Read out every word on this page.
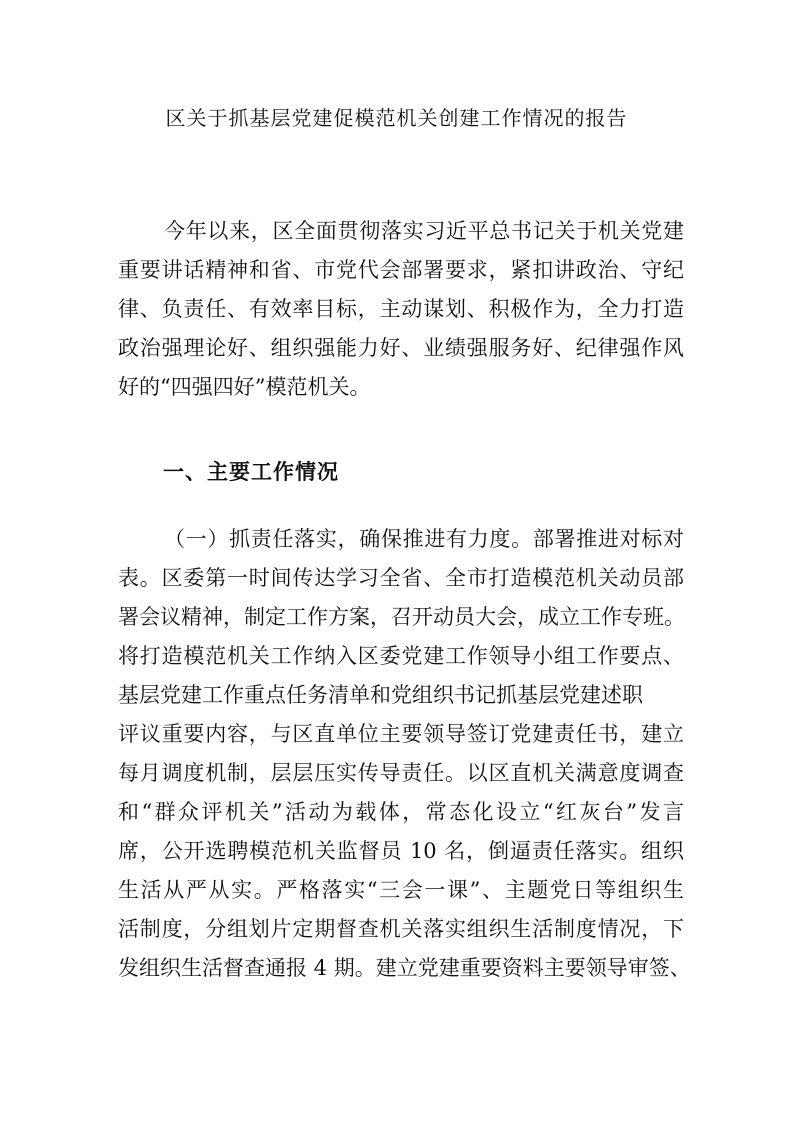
区关于抓基层党建促模范机关创建工作情况的报告
今年以来，区全面贯彻落实习近平总书记关于机关党建
重要讲话精神和省、市党代会部署要求，紧扣讲政治、守纪
律、负责任、有效率目标，主动谋划、积极作为，全力打造
政治强理论好、组织强能力好、业绩强服务好、纪律强作风
好的“四强四好”模范机关。
一、主要工作情况
（一）抓责任落实，确保推进有力度。部署推进对标对
表。区委第一时间传达学习全省、全市打造模范机关动员部
署会议精神，制定工作方案，召开动员大会，成立工作专班。
将打造模范机关工作纳入区委党建工作领导小组工作要点、
基层党建工作重点任务清单和党组织书记抓基层党建述职
评议重要内容，与区直单位主要领导签订党建责任书，建立
每月调度机制，层层压实传导责任。以区直机关满意度调查
和“群众评机关”活动为载体，常态化设立“红灰台”发言
席，公开选聘模范机关监督员 10 名，倒逼责任落实。组织
生活从严从实。严格落实“三会一课”、主题党日等组织生
活制度，分组划片定期督查机关落实组织生活制度情况，下
发组织生活督查通报 4 期。建立党建重要资料主要领导审签、
